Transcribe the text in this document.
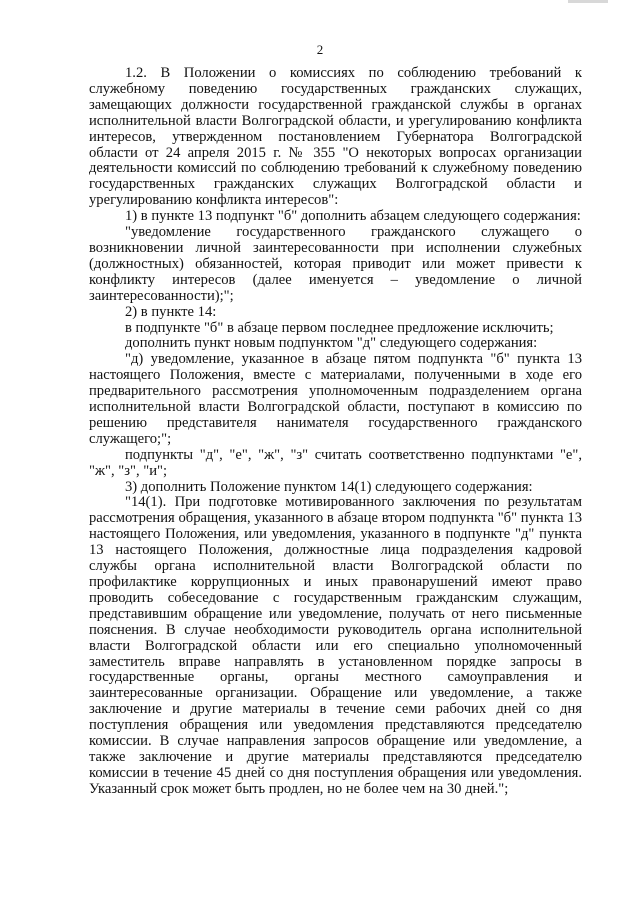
2

1.2. В Положении о комиссиях по соблюдению требований к служебному поведению государственных гражданских служащих, замещающих должности государственной гражданской службы в органах исполнительной власти Волгоградской области, и урегулированию конфликта интересов, утвержденном постановлением Губернатора Волгоградской области от 24 апреля 2015 г. № 355 "О некоторых вопросах организации деятельности комиссий по соблюдению требований к служебному поведению государственных гражданских служащих Волгоградской области и урегулированию конфликта интересов":

1) в пункте 13 подпункт "б" дополнить абзацем следующего содержания:

"уведомление государственного гражданского служащего о возникновении личной заинтересованности при исполнении служебных (должностных) обязанностей, которая приводит или может привести к конфликту интересов (далее именуется – уведомление о личной заинтересованности);";

2) в пункте 14:

в подпункте "б" в абзаце первом последнее предложение исключить;

дополнить пункт новым подпунктом "д" следующего содержания:

"д) уведомление, указанное в абзаце пятом подпункта "б" пункта 13 настоящего Положения, вместе с материалами, полученными в ходе его предварительного рассмотрения уполномоченным подразделением органа исполнительной власти Волгоградской области, поступают в комиссию по решению представителя нанимателя государственного гражданского служащего;";

подпункты "д", "е", "ж", "з" считать соответственно подпунктами "е", "ж", "з", "и";

3) дополнить Положение пунктом 14(1) следующего содержания:

"14(1). При подготовке мотивированного заключения по результатам рассмотрения обращения, указанного в абзаце втором подпункта "б" пункта 13 настоящего Положения, или уведомления, указанного в подпункте "д" пункта 13 настоящего Положения, должностные лица подразделения кадровой службы органа исполнительной власти Волгоградской области по профилактике коррупционных и иных правонарушений имеют право проводить собеседование с государственным гражданским служащим, представившим обращение или уведомление, получать от него письменные пояснения. В случае необходимости руководитель органа исполнительной власти Волгоградской области или его специально уполномоченный заместитель вправе направлять в установленном порядке запросы в государственные органы, органы местного самоуправления и заинтересованные организации. Обращение или уведомление, а также заключение и другие материалы в течение семи рабочих дней со дня поступления обращения или уведомления представляются председателю комиссии. В случае направления запросов обращение или уведомление, а также заключение и другие материалы представляются председателю комиссии в течение 45 дней со дня поступления обращения или уведомления. Указанный срок может быть продлен, но не более чем на 30 дней.";
